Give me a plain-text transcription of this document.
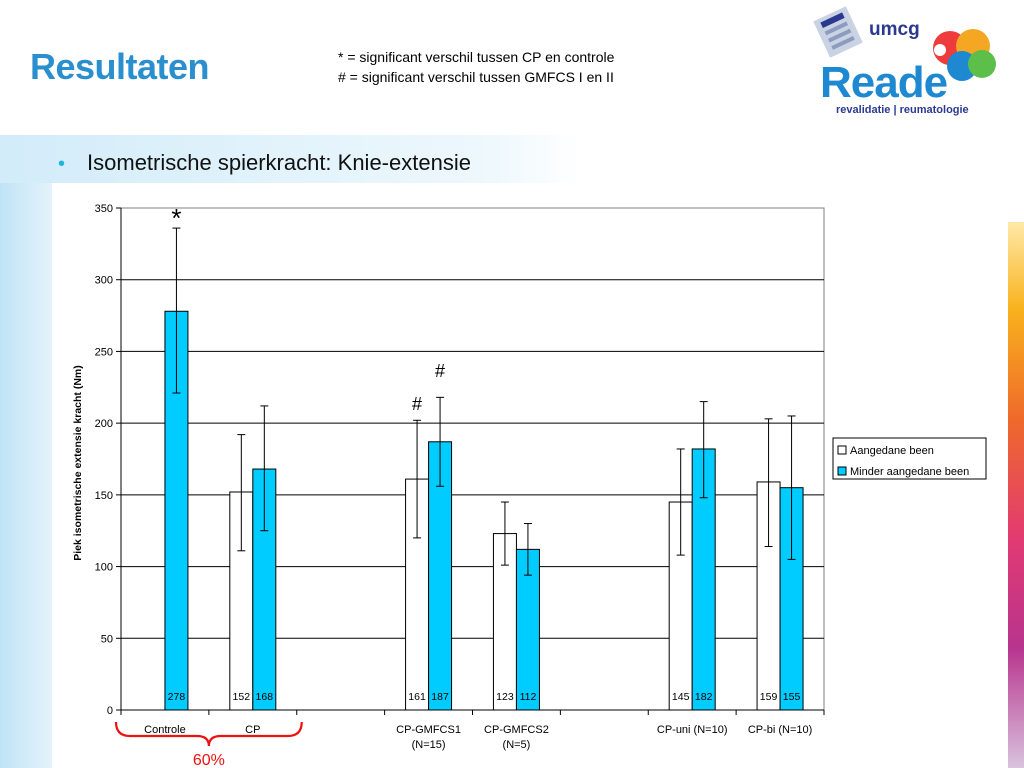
Resultaten	* = significant verschil tussen CP en controle
# = significant verschil tussen GMFCS I en II
• Isometrische spierkracht: Knie-extensie
umcg
Reade
revalidatie | reumatologie
0
50
100
150
200
250
300
350
Controle	CP	CP-GMFCS1
(N=15)
CP-GMFCS2
(N=5)
CP-uni (N=10) CP-bi (N=10)
152	161	123	145	159
278	168	187	112	182	155
*
#
#
60%
Aangedane been
Minder aangedane been
Piek isometrische extensie kracht (Nm)
